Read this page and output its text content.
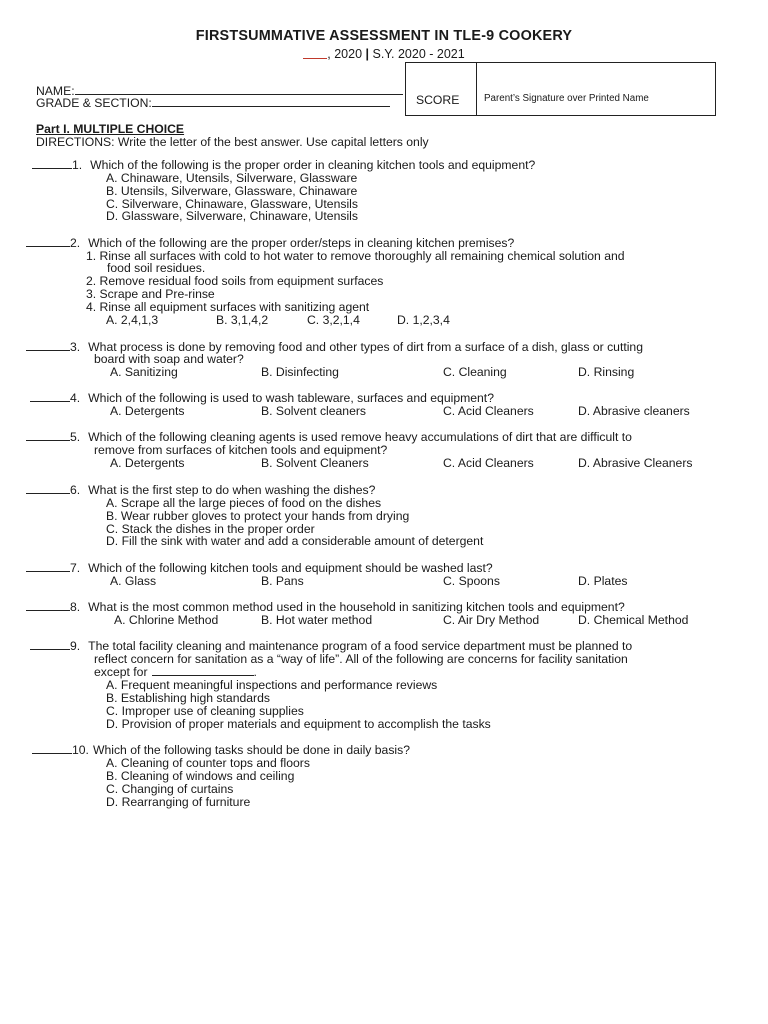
FIRSTSUMMATIVE ASSESSMENT IN TLE-9 COOKERY
, 2020 | S.Y. 2020 - 2021
NAME:
GRADE & SECTION:	SCORE	Parent’s Signature over Printed Name
Part I. MULTIPLE CHOICE
DIRECTIONS: Write the letter of the best answer. Use capital letters only
1. Which of the following is the proper order in cleaning kitchen tools and equipment?
A. Chinaware, Utensils, Silverware, Glassware
B. Utensils, Silverware, Glassware, Chinaware
C. Silverware, Chinaware, Glassware, Utensils
D. Glassware, Silverware, Chinaware, Utensils
2. Which of the following are the proper order/steps in cleaning kitchen premises?
1. Rinse all surfaces with cold to hot water to remove thoroughly all remaining chemical solution and
food soil residues.
2. Remove residual food soils from equipment surfaces
3. Scrape and Pre-rinse
4. Rinse all equipment surfaces with sanitizing agent
A. 2,4,1,3	B. 3,1,4,2	C. 3,2,1,4	D. 1,2,3,4
3. What process is done by removing food and other types of dirt from a surface of a dish, glass or cutting
board with soap and water?
A. Sanitizing	B. Disinfecting	C. Cleaning	D. Rinsing
4. Which of the following is used to wash tableware, surfaces and equipment?
A. Detergents	B. Solvent cleaners	C. Acid Cleaners	D. Abrasive cleaners
5. Which of the following cleaning agents is used remove heavy accumulations of dirt that are difficult to
remove from surfaces of kitchen tools and equipment?
A. Detergents	B. Solvent Cleaners	C. Acid Cleaners	D. Abrasive Cleaners
6. What is the first step to do when washing the dishes?
A. Scrape all the large pieces of food on the dishes
B. Wear rubber gloves to protect your hands from drying
C. Stack the dishes in the proper order
D. Fill the sink with water and add a considerable amount of detergent
7. Which of the following kitchen tools and equipment should be washed last?
A. Glass	B. Pans	C. Spoons	D. Plates
8. What is the most common method used in the household in sanitizing kitchen tools and equipment?
A. Chlorine Method	B. Hot water method	C. Air Dry Method	D. Chemical Method
9. The total facility cleaning and maintenance program of a food service department must be planned to
reflect concern for sanitation as a “way of life”. All of the following are concerns for facility sanitation
except for	.
A. Frequent meaningful inspections and performance reviews
B. Establishing high standards
C. Improper use of cleaning supplies
D. Provision of proper materials and equipment to accomplish the tasks
10. Which of the following tasks should be done in daily basis?
A. Cleaning of counter tops and floors
B. Cleaning of windows and ceiling
C. Changing of curtains
D. Rearranging of furniture
